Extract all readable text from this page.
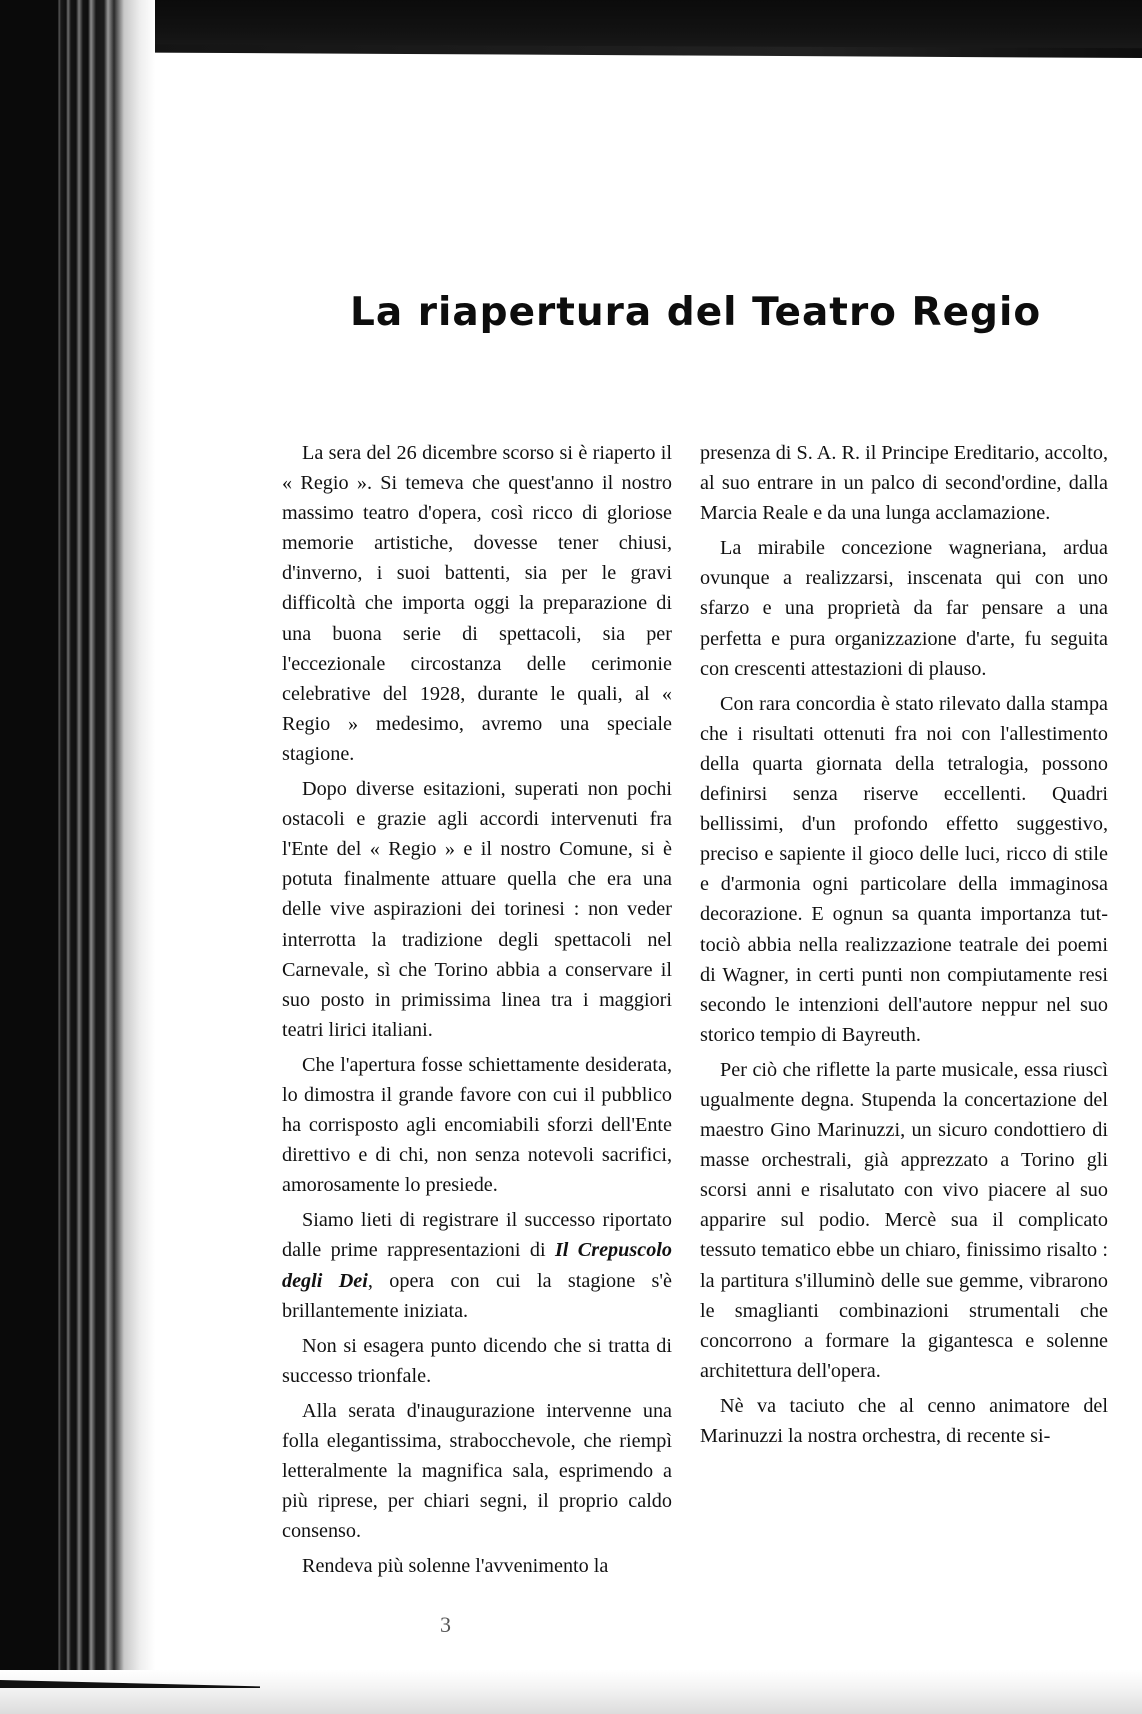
La riapertura del Teatro Regio

La sera del 26 dicembre scorso si è riaperto il « Regio ». Si temeva che quest'anno il nostro massimo teatro d'opera, così ricco di gloriose memorie artistiche, dovesse tener chiusi, d'inverno, i suoi battenti, sia per le gravi difficoltà che importa oggi la preparazione di una buona serie di spettacoli, sia per l'eccezionale circostanza delle cerimonie celebrative del 1928, durante le quali, al « Regio » medesimo, avremo una speciale stagione.

Dopo diverse esitazioni, superati non pochi ostacoli e grazie agli accordi intervenuti fra l'Ente del « Regio » e il nostro Comune, si è potuta finalmente attuare quella che era una delle vive aspirazioni dei torinesi : non veder interrotta la tradizione degli spettacoli nel Carnevale, sì che Torino abbia a conservare il suo posto in primissima linea tra i maggiori teatri lirici italiani.

Che l'apertura fosse schiettamente desiderata, lo dimostra il grande favore con cui il pubblico ha corrisposto agli encomiabili sforzi dell'Ente direttivo e di chi, non senza notevoli sacrifici, amorosamente lo presiede.

Siamo lieti di registrare il successo riportato dalle prime rappresentazioni di Il Crepuscolo degli Dei, opera con cui la stagione s'è brillantemente iniziata.

Non si esagera punto dicendo che si tratta di successo trionfale.

Alla serata d'inaugurazione intervenne una folla elegantissima, strabocchevole, che riempì letteralmente la magnifica sala, esprimendo a più riprese, per chiari segni, il proprio caldo consenso.

Rendeva più solenne l'avvenimento la

presenza di S. A. R. il Principe Ereditario, accolto, al suo entrare in un palco di second'ordine, dalla Marcia Reale e da una lunga acclamazione.

La mirabile concezione wagneriana, ardua ovunque a realizzarsi, inscenata qui con uno sfarzo e una proprietà da far pensare a una perfetta e pura organizzazione d'arte, fu seguita con crescenti attestazioni di plauso.

Con rara concordia è stato rilevato dalla stampa che i risultati ottenuti fra noi con l'allestimento della quarta giornata della tetralogia, possono definirsi senza riserve eccellenti. Quadri bellissimi, d'un profondo effetto suggestivo, preciso e sapiente il gioco delle luci, ricco di stile e d'armonia ogni particolare della immaginosa decorazione. E ognun sa quanta importanza tuttociò abbia nella realizzazione teatrale dei poemi di Wagner, in certi punti non compiutamente resi secondo le intenzioni dell'autore neppur nel suo storico tempio di Bayreuth.

Per ciò che riflette la parte musicale, essa riuscì ugualmente degna. Stupenda la concertazione del maestro Gino Marinuzzi, un sicuro condottiero di masse orchestrali, già apprezzato a Torino gli scorsi anni e risalutato con vivo piacere al suo apparire sul podio. Mercè sua il complicato tessuto tematico ebbe un chiaro, finissimo risalto : la partitura s'illuminò delle sue gemme, vibrarono le smaglianti combinazioni strumentali che concorrono a formare la gigantesca e solenne architettura dell'opera.

Nè va taciuto che al cenno animatore del Marinuzzi la nostra orchestra, di recente si-

3
